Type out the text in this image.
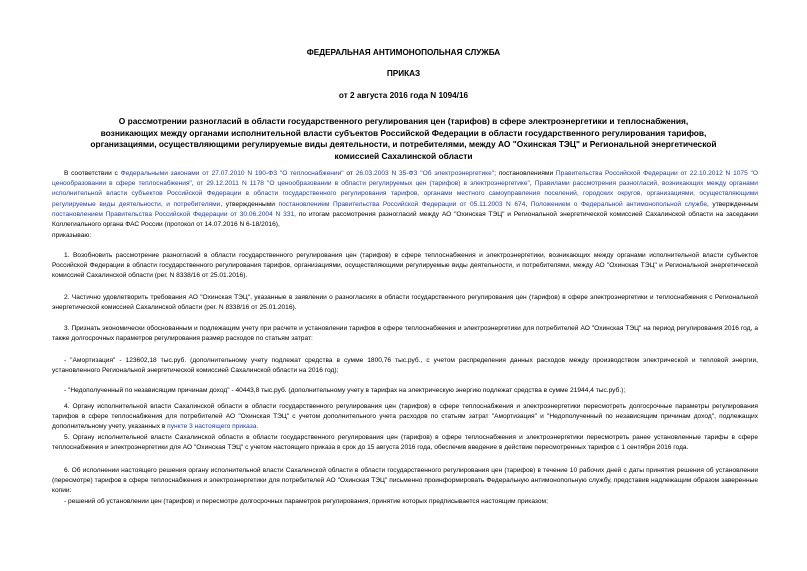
ФЕДЕРАЛЬНАЯ АНТИМОНОПОЛЬНАЯ СЛУЖБА
ПРИКАЗ
от 2 августа 2016 года N 1094/16
О рассмотрении разногласий в области государственного регулирования цен (тарифов) в сфере электроэнергетики и теплоснабжения, возникающих между органами исполнительной власти субъектов Российской Федерации в области государственного регулирования тарифов, организациями, осуществляющими регулируемые виды деятельности, и потребителями, между АО "Охинская ТЭЦ" и Региональной энергетической комиссией Сахалинской области
В соответствии с Федеральными законами от 27.07.2010 N 190-ФЗ "О теплоснабжении" от 26.03.2003 N 35-ФЗ "Об электроэнергетике"; постановлениями Правительства Российской Федерации от 22.10.2012 N 1075 "О ценообразовании в сфере теплоснабжения", от 29.12.2011 N 1178 "О ценообразовании в области регулируемых цен (тарифов) в электроэнергетике", Правилами рассмотрения разногласий, возникающих между органами исполнительной власти субъектов Российской Федерации в области государственного регулирования тарифов, органами местного самоуправления поселений, городских округов, организациями, осуществляющими регулируемые виды деятельности, и потребителями, утвержденными постановлением Правительства Российской Федерации от 05.11.2003 N 674, Положением о Федеральной антимонопольной службе, утвержденным постановлением Правительства Российской Федерации от 30.06.2004 N 331, по итогам рассмотрения разногласий между АО "Охинская ТЭЦ" и Региональной энергетической комиссией Сахалинской области на заседании Коллегиального органа ФАС России (протокол от 14.07.2016 N 6-18/2016),
приказываю:
1. Возобновить рассмотрение разногласий в области государственного регулирования цен (тарифов) в сфере теплоснабжения и электроэнергетики, возникающих между органами исполнительной власти субъектов Российской Федерации в области государственного регулирования тарифов, организациями, осуществляющими регулируемые виды деятельности, и потребителями, между АО "Охинская ТЭЦ" и Региональной энергетической комиссией Сахалинской области (рег. N 8338/16 от 25.01.2016).
2. Частично удовлетворить требования АО "Охинская ТЭЦ", указанные в заявлении о разногласиях в области государственного регулирования цен (тарифов) в сфере электроэнергетики и теплоснабжения с Региональной энергетической комиссией Сахалинской области (рег. N 8338/16 от 25.01.2016).
3. Признать экономически обоснованным и подлежащим учету при расчете и установлении тарифов в сфере теплоснабжения и электроэнергетики для потребителей АО "Охинская ТЭЦ" на период регулирования 2016 год, а также долгосрочных параметров регулирования размер расходов по статьям затрат:
- "Амортизация" - 123602,18 тыс.руб. (дополнительному учету подлежат средства в сумме 1800,76 тыс.руб., с учетом распределения данных расходов между производством электрической и тепловой энергии, установленного Региональной энергетической комиссией Сахалинской области на 2016 год);
- "Недополученный по независящим причинам доход" - 40443,8 тыс.руб. (дополнительному учету в тарифах на электрическую энергию подлежат средства в сумме 21944,4 тыс.руб.);
4. Органу исполнительной власти Сахалинской области в области государственного регулирования цен (тарифов) в сфере теплоснабжения и электроэнергетики пересмотреть долгосрочные параметры регулирования тарифов в сфере теплоснабжения для потребителей АО "Охинская ТЭЦ" с учетом дополнительного учета расходов по статьям затрат "Амортизация" и "Недополученный по независящим причинам доход", подлежащих дополнительному учету, указанных в пункте 3 настоящего приказа.
5. Органу исполнительной власти Сахалинской области в области государственного регулирования цен (тарифов) в сфере теплоснабжения и электроэнергетики пересмотреть ранее установленные тарифы в сфере теплоснабжения и электроэнергетики для АО "Охинская ТЭЦ" с учетом настоящего приказа в срок до 15 августа 2016 года, обеспечив введение в действие пересмотренных тарифов с 1 сентября 2016 года.
6. Об исполнении настоящего решения органу исполнительной власти Сахалинской области в области государственного регулирования цен (тарифов) в течение 10 рабочих дней с даты принятия решения об установлении (пересмотре) тарифов в сфере теплоснабжения и электроэнергетики для потребителей АО "Охинская ТЭЦ" письменно проинформировать Федеральную антимонопольную службу, представив надлежащим образом заверенные копии:
- решений об установлении цен (тарифов) и пересмотре долгосрочных параметров регулирования, принятие которых предписывается настоящим приказом;
